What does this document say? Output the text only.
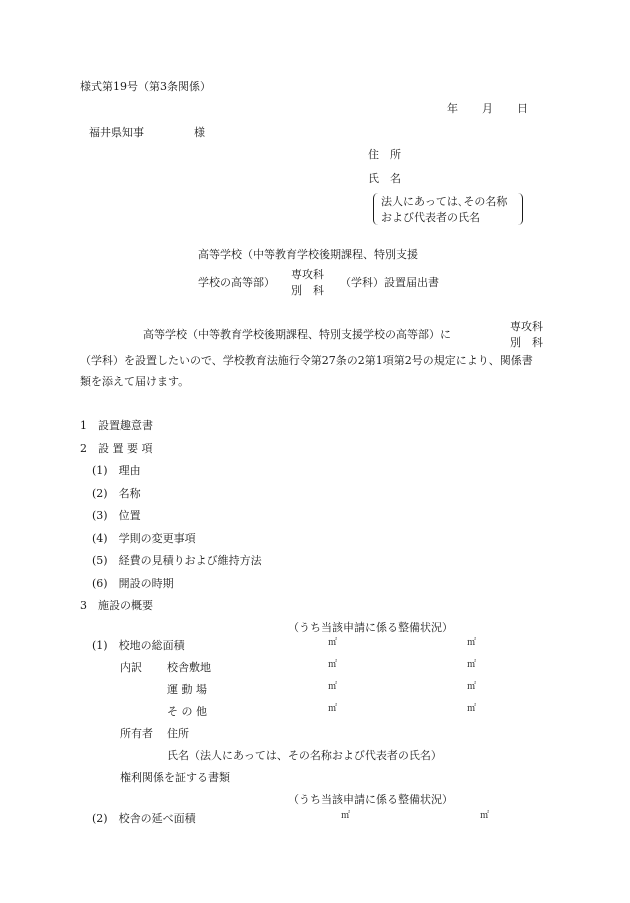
様式第19号（第3条関係）
年 月 日
福井県知事	様
住　所
氏　名
法人にあっては､その名称
および代表者の氏名
高等学校（中等教育学校後期課程、特別支援
学校の高等部）
専攻科
別　科
（学科）設置届出書
高等学校（中等教育学校後期課程、特別支援学校の高等部）に
専攻科
別　科
（学科）を設置したいので、学校教育法施行令第27条の2第1項第2号の規定により、関係書
類を添えて届けます。
1　設置趣意書
2　設 置 要 項
(1)　理由
(2)　名称
(3)　位置
(4)　学則の変更事項
(5)　経費の見積りおよび維持方法
(6)　開設の時期
3　施設の概要
（うち当該申請に係る整備状況）
(1)　校地の総面積	㎡	㎡
内訳 校舎敷地	㎡	㎡
運 動 場	㎡	㎡
そ の 他	㎡	㎡
所有者 住所
氏名（法人にあっては、その名称および代表者の氏名）
権利関係を証する書類
（うち当該申請に係る整備状況）
(2)　校舎の延べ面積	㎡	㎡
